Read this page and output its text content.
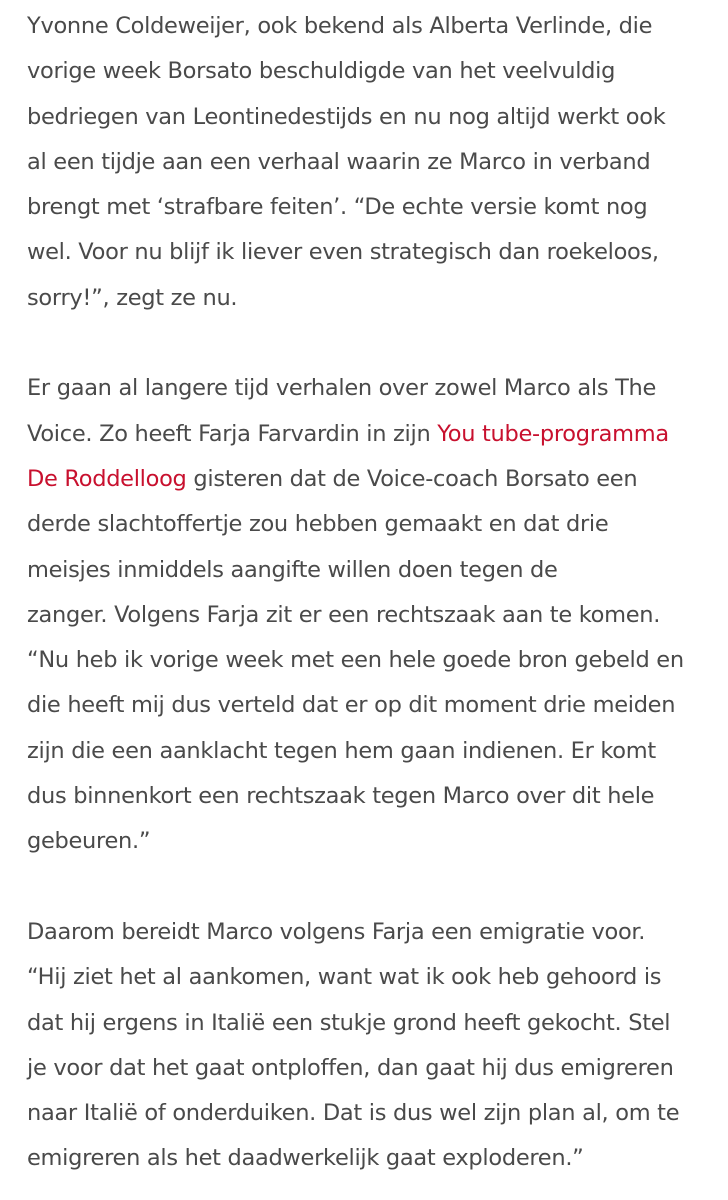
Yvonne Coldeweijer, ook bekend als Alberta Verlinde, die
vorige week Borsato beschuldigde van het veelvuldig
bedriegen van Leontinedestijds en nu nog altijd werkt ook
al een tijdje aan een verhaal waarin ze Marco in verband
brengt met ‘strafbare feiten’. “De echte versie komt nog
wel. Voor nu blijf ik liever even strategisch dan roekeloos,
sorry!”, zegt ze nu.

Er gaan al langere tijd verhalen over zowel Marco als The
Voice. Zo heeft Farja Farvardin in zijn You tube-programma
De Roddelloog gisteren dat de Voice-coach Borsato een
derde slachtoffertje zou hebben gemaakt en dat drie
meisjes inmiddels aangifte willen doen tegen de
zanger. Volgens Farja zit er een rechtszaak aan te komen.
“Nu heb ik vorige week met een hele goede bron gebeld en
die heeft mij dus verteld dat er op dit moment drie meiden
zijn die een aanklacht tegen hem gaan indienen. Er komt
dus binnenkort een rechtszaak tegen Marco over dit hele
gebeuren.”

Daarom bereidt Marco volgens Farja een emigratie voor.
“Hij ziet het al aankomen, want wat ik ook heb gehoord is
dat hij ergens in Italië een stukje grond heeft gekocht. Stel
je voor dat het gaat ontploffen, dan gaat hij dus emigreren
naar Italië of onderduiken. Dat is dus wel zijn plan al, om te
emigreren als het daadwerkelijk gaat exploderen.”
